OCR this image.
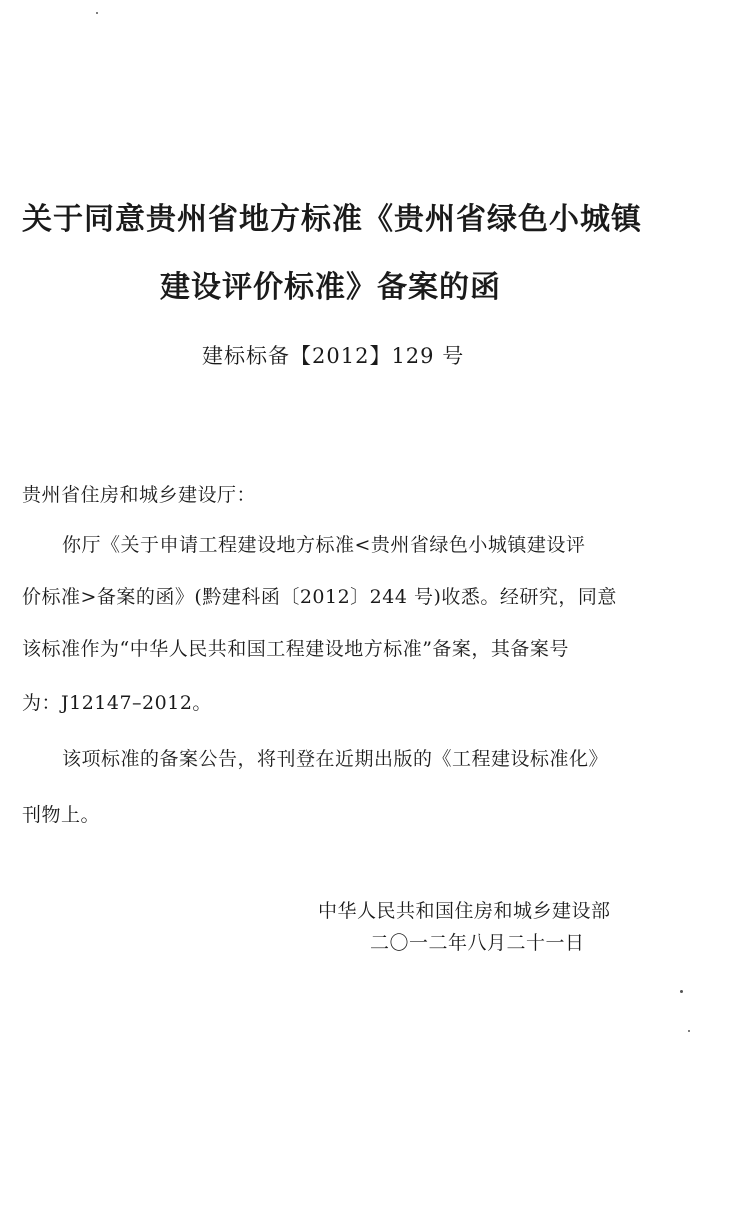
关于同意贵州省地方标准《贵州省绿色小城镇
建设评价标准》备案的函
建标标备【2012】129 号
贵州省住房和城乡建设厅：
你厅《关于申请工程建设地方标准<贵州省绿色小城镇建设评
价标准>备案的函》(黔建科函〔2012〕244 号)收悉。经研究，同意
该标准作为“中华人民共和国工程建设地方标准”备案，其备案号
为：J12147–2012。
该项标准的备案公告，将刊登在近期出版的《工程建设标准化》
刊物上。
中华人民共和国住房和城乡建设部
二〇一二年八月二十一日
